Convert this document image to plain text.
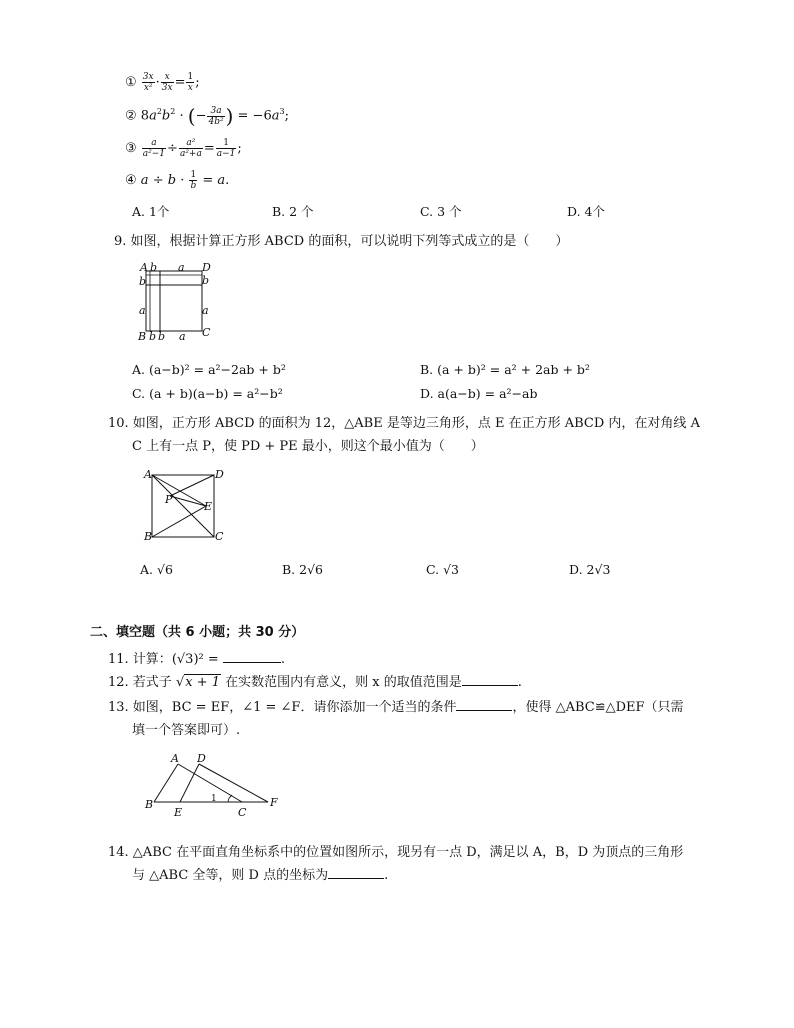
① $\frac{3x}{\text{x²}} \cdot \frac{x}{3x} = \frac{1}{x}$ ;
② $8a^2b^2$ · (− $\frac{3a}{\text{4b²}}$ ) = $-6a^3$;
③ $\frac{a}{\text{a²−1}} \div \frac{\text{a²}}{\text{a²+a}} = \frac{1}{a-1}$ ;
④ $a \div b \cdot \frac{1}{b} = a$.
A. 1个	B. 2 个	C. 3 个	D. 4个
9. 如图，根据计算正方形 ABCD 的面积，可以说明下列等式成立的是（　　）
A b a D
b	b
a	a
B b b a C
A. (a−b)² = a²−2ab + b²	B. (a + b)² = a² + 2ab + b²
C. (a + b)(a−b) = a²−b²	D. a(a−b) = a²−ab
10. 如图，正方形 ABCD 的面积为 12，△ABE 是等边三角形，点 E 在正方形 ABCD 内，在对角线 A
C 上有一点 P，使 PD + PE 最小，则这个最小值为（　　）
A	D
B	C
P
E
A. √6	B. 2√6	C. √3	D. 2√3
二、填空题（共 6 小题；共 30 分）
11. 计算：(√3)² =	.
12. 若式子 √x + 1 在实数范围内有意义，则 x 的取值范围是	.
13. 如图，BC = EF，∠1 = ∠F．请你添加一个适当的条件	，使得 △ABC≌△DEF（只需
填一个答案即可）.
A D
B
E	C
F
1
14. △ABC 在平面直角坐标系中的位置如图所示，现另有一点 D，满足以 A，B，D 为顶点的三角形
与 △ABC 全等，则 D 点的坐标为	.
